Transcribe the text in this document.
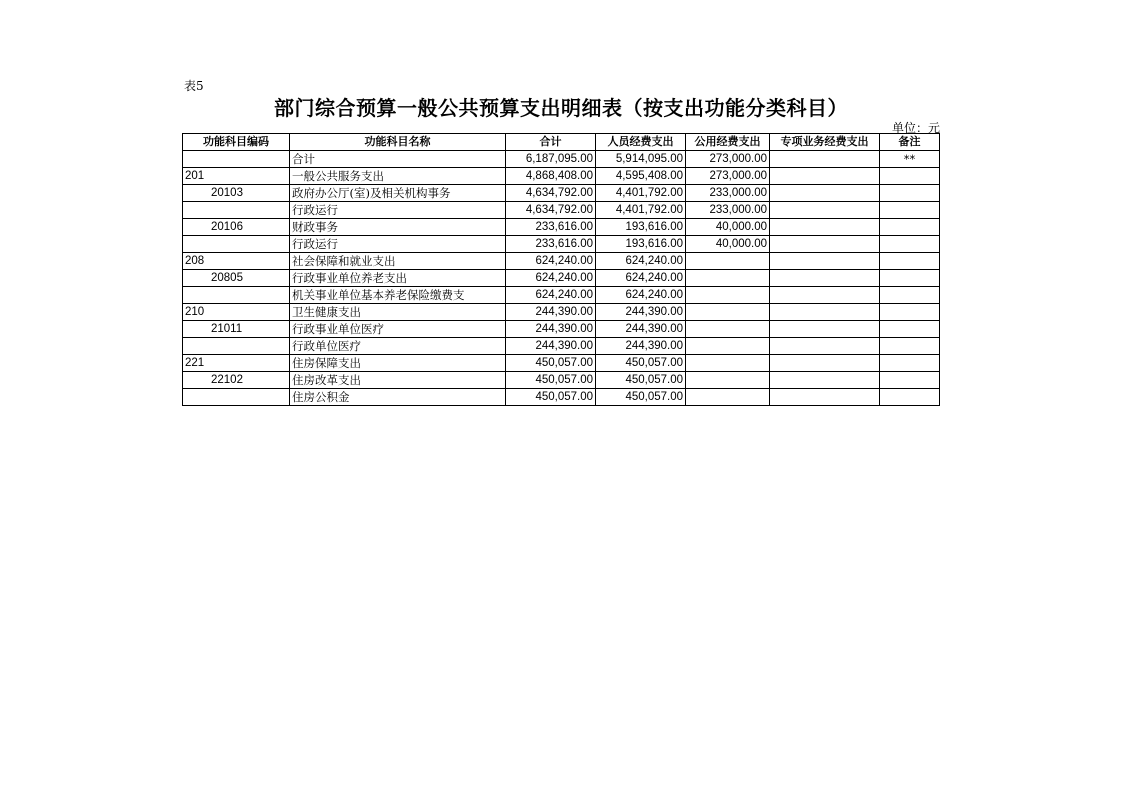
表5
部门综合预算一般公共预算支出明细表（按支出功能分类科目）
单位：元
功能科目编码	功能科目名称	合计	人员经费支出	公用经费支出	专项业务经费支出	备注
	合计	6,187,095.00	5,914,095.00	273,000.00		**
201	一般公共服务支出	4,868,408.00	4,595,408.00	273,000.00		
20103	政府办公厅(室)及相关机构事务	4,634,792.00	4,401,792.00	233,000.00		
	行政运行	4,634,792.00	4,401,792.00	233,000.00		
20106	财政事务	233,616.00	193,616.00	40,000.00		
	行政运行	233,616.00	193,616.00	40,000.00		
208	社会保障和就业支出	624,240.00	624,240.00			
20805	行政事业单位养老支出	624,240.00	624,240.00			
	机关事业单位基本养老保险缴费支	624,240.00	624,240.00			
210	卫生健康支出	244,390.00	244,390.00			
21011	行政事业单位医疗	244,390.00	244,390.00			
	行政单位医疗	244,390.00	244,390.00			
221	住房保障支出	450,057.00	450,057.00			
22102	住房改革支出	450,057.00	450,057.00			
	住房公积金	450,057.00	450,057.00			
